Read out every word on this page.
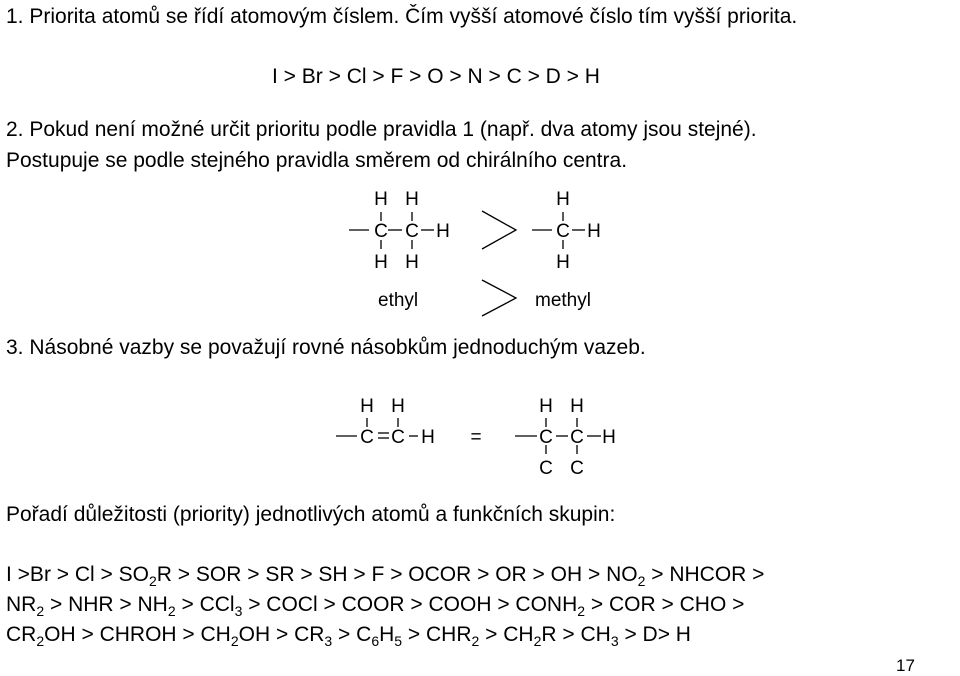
1. Priorita atomů se řídí atomovým číslem. Čím vyšší atomové číslo tím vyšší priorita.
I > Br > Cl > F > O > N > C > D > H
2. Pokud není možné určit prioritu podle pravidla 1 (např. dva atomy jsou stejné).
Postupuje se podle stejného pravidla směrem od chirálního centra.
3. Násobné vazby se považují rovné násobkům jednoduchým vazeb.
Pořadí důležitosti (priority) jednotlivých atomů a funkčních skupin:
$I >Br > Cl > SO_2R$ > SOR > SR > SH > F > OCOR > OR > OH > $NO_2$ > NHCOR >
$NR_2$ > NHR > $NH_2 > CCl_3$ > COCl > COOR > COOH > $CONH_2$ > COR > CHO >
$CR_2OH$ > CHROH > $CH_2OH > CR_3 > C_6H_5 > CHR_2 > CH_2R > CH_3 > D> H$
17
H H
C C H
H H
H
C H
H
H H
C C H =
H H
C C H
C C
ethyl	methyl
